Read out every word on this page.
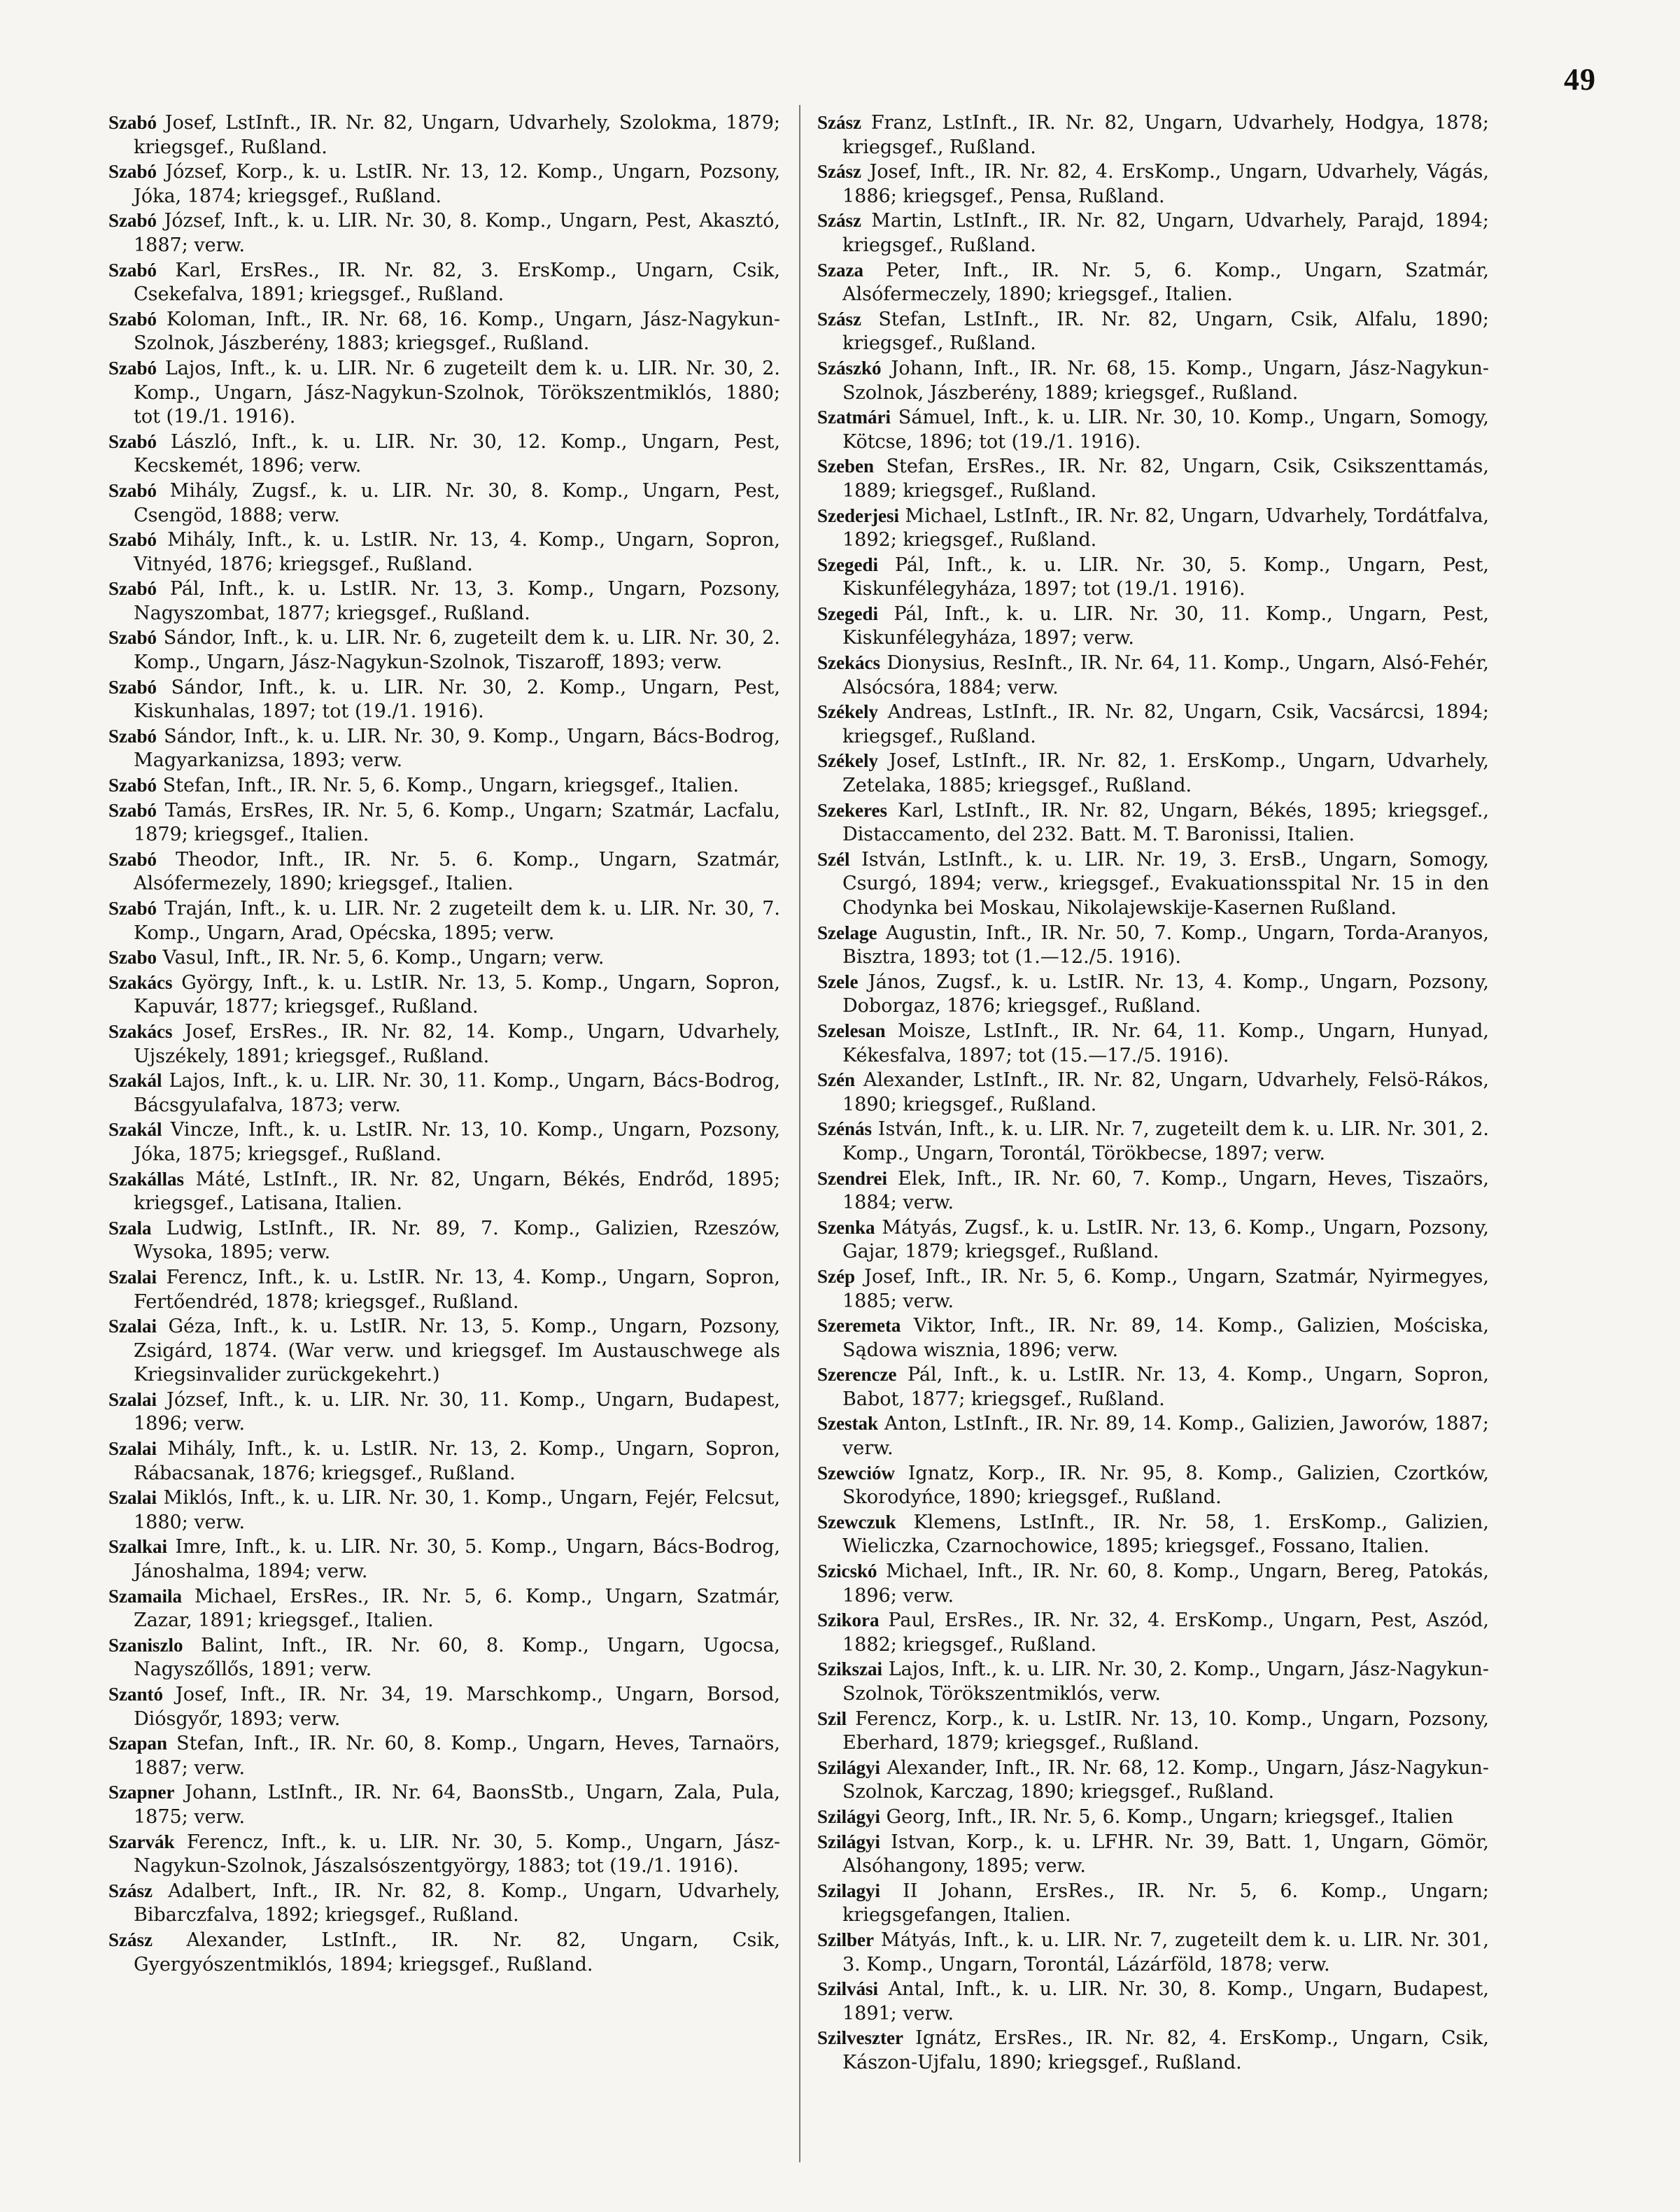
49

Szabó Josef, LstInft., IR. Nr. 82, Ungarn, Udvarhely, Szolokma, 1879; kriegsgef., Rußland.

Szabó József, Korp., k. u. LstIR. Nr. 13, 12. Komp., Ungarn, Pozsony, Jóka, 1874; kriegsgef., Rußland.

Szabó József, Inft., k. u. LIR. Nr. 30, 8. Komp., Ungarn, Pest, Akasztó, 1887; verw.

Szabó Karl, ErsRes., IR. Nr. 82, 3. ErsKomp., Ungarn, Csik, Csekefalva, 1891; kriegsgef., Rußland.

Szabó Koloman, Inft., IR. Nr. 68, 16. Komp., Ungarn, Jász-Nagykun-Szolnok, Jászberény, 1883; kriegsgef., Rußland.

Szabó Lajos, Inft., k. u. LIR. Nr. 6 zugeteilt dem k. u. LIR. Nr. 30, 2. Komp., Ungarn, Jász-Nagykun-Szolnok, Törökszentmiklós, 1880; tot (19./1. 1916).

Szabó László, Inft., k. u. LIR. Nr. 30, 12. Komp., Ungarn, Pest, Kecskemét, 1896; verw.

Szabó Mihály, Zugsf., k. u. LIR. Nr. 30, 8. Komp., Ungarn, Pest, Csengöd, 1888; verw.

Szabó Mihály, Inft., k. u. LstIR. Nr. 13, 4. Komp., Ungarn, Sopron, Vitnyéd, 1876; kriegsgef., Rußland.

Szabó Pál, Inft., k. u. LstIR. Nr. 13, 3. Komp., Ungarn, Pozsony, Nagyszombat, 1877; kriegsgef., Rußland.

Szabó Sándor, Inft., k. u. LIR. Nr. 6, zugeteilt dem k. u. LIR. Nr. 30, 2. Komp., Ungarn, Jász-Nagykun-Szolnok, Tiszaroff, 1893; verw.

Szabó Sándor, Inft., k. u. LIR. Nr. 30, 2. Komp., Ungarn, Pest, Kiskunhalas, 1897; tot (19./1. 1916).

Szabó Sándor, Inft., k. u. LIR. Nr. 30, 9. Komp., Ungarn, Bács-Bodrog, Magyarkanizsa, 1893; verw.

Szabó Stefan, Inft., IR. Nr. 5, 6. Komp., Ungarn, kriegsgef., Italien.

Szabó Tamás, ErsRes, IR. Nr. 5, 6. Komp., Ungarn; Szatmár, Lacfalu, 1879; kriegsgef., Italien.

Szabó Theodor, Inft., IR. Nr. 5. 6. Komp., Ungarn, Szatmár, Alsófermezely, 1890; kriegsgef., Italien.

Szabó Traján, Inft., k. u. LIR. Nr. 2 zugeteilt dem k. u. LIR. Nr. 30, 7. Komp., Ungarn, Arad, Opécska, 1895; verw.

Szabo Vasul, Inft., IR. Nr. 5, 6. Komp., Ungarn; verw.

Szakács György, Inft., k. u. LstIR. Nr. 13, 5. Komp., Ungarn, Sopron, Kapuvár, 1877; kriegsgef., Rußland.

Szakács Josef, ErsRes., IR. Nr. 82, 14. Komp., Ungarn, Udvarhely, Ujszékely, 1891; kriegsgef., Rußland.

Szakál Lajos, Inft., k. u. LIR. Nr. 30, 11. Komp., Ungarn, Bács-Bodrog, Bácsgyulafalva, 1873; verw.

Szakál Vincze, Inft., k. u. LstIR. Nr. 13, 10. Komp., Ungarn, Pozsony, Jóka, 1875; kriegsgef., Rußland.

Szakállas Máté, LstInft., IR. Nr. 82, Ungarn, Békés, Endrőd, 1895; kriegsgef., Latisana, Italien.

Szala Ludwig, LstInft., IR. Nr. 89, 7. Komp., Galizien, Rzeszów, Wysoka, 1895; verw.

Szalai Ferencz, Inft., k. u. LstIR. Nr. 13, 4. Komp., Ungarn, Sopron, Fertőendréd, 1878; kriegsgef., Rußland.

Szalai Géza, Inft., k. u. LstIR. Nr. 13, 5. Komp., Ungarn, Pozsony, Zsigárd, 1874. (War verw. und kriegsgef. Im Austauschwege als Kriegsinvalider zurückgekehrt.)

Szalai József, Inft., k. u. LIR. Nr. 30, 11. Komp., Ungarn, Budapest, 1896; verw.

Szalai Mihály, Inft., k. u. LstIR. Nr. 13, 2. Komp., Ungarn, Sopron, Rábacsanak, 1876; kriegsgef., Rußland.

Szalai Miklós, Inft., k. u. LIR. Nr. 30, 1. Komp., Ungarn, Fejér, Felcsut, 1880; verw.

Szalkai Imre, Inft., k. u. LIR. Nr. 30, 5. Komp., Ungarn, Bács-Bodrog, Jánoshalma, 1894; verw.

Szamaila Michael, ErsRes., IR. Nr. 5, 6. Komp., Ungarn, Szatmár, Zazar, 1891; kriegsgef., Italien.

Szaniszlo Balint, Inft., IR. Nr. 60, 8. Komp., Ungarn, Ugocsa, Nagyszőllős, 1891; verw.

Szantó Josef, Inft., IR. Nr. 34, 19. Marschkomp., Ungarn, Borsod, Diósgyőr, 1893; verw.

Szapan Stefan, Inft., IR. Nr. 60, 8. Komp., Ungarn, Heves, Tarnaörs, 1887; verw.

Szapner Johann, LstInft., IR. Nr. 64, BaonsStb., Ungarn, Zala, Pula, 1875; verw.

Szarvák Ferencz, Inft., k. u. LIR. Nr. 30, 5. Komp., Ungarn, Jász-Nagykun-Szolnok, Jászalsószentgyörgy, 1883; tot (19./1. 1916).

Szász Adalbert, Inft., IR. Nr. 82, 8. Komp., Ungarn, Udvarhely, Bibarczfalva, 1892; kriegsgef., Rußland.

Szász Alexander, LstInft., IR. Nr. 82, Ungarn, Csik, Gyergyószentmiklós, 1894; kriegsgef., Rußland.

Szász Franz, LstInft., IR. Nr. 82, Ungarn, Udvarhely, Hodgya, 1878; kriegsgef., Rußland.

Szász Josef, Inft., IR. Nr. 82, 4. ErsKomp., Ungarn, Udvarhely, Vágás, 1886; kriegsgef., Pensa, Rußland.

Szász Martin, LstInft., IR. Nr. 82, Ungarn, Udvarhely, Parajd, 1894; kriegsgef., Rußland.

Szaza Peter, Inft., IR. Nr. 5, 6. Komp., Ungarn, Szatmár, Alsófermeczely, 1890; kriegsgef., Italien.

Szász Stefan, LstInft., IR. Nr. 82, Ungarn, Csik, Alfalu, 1890; kriegsgef., Rußland.

Szászkó Johann, Inft., IR. Nr. 68, 15. Komp., Ungarn, Jász-Nagykun-Szolnok, Jászberény, 1889; kriegsgef., Rußland.

Szatmári Sámuel, Inft., k. u. LIR. Nr. 30, 10. Komp., Ungarn, Somogy, Kötcse, 1896; tot (19./1. 1916).

Szeben Stefan, ErsRes., IR. Nr. 82, Ungarn, Csik, Csikszenttamás, 1889; kriegsgef., Rußland.

Szederjesi Michael, LstInft., IR. Nr. 82, Ungarn, Udvarhely, Tordátfalva, 1892; kriegsgef., Rußland.

Szegedi Pál, Inft., k. u. LIR. Nr. 30, 5. Komp., Ungarn, Pest, Kiskunfélegyháza, 1897; tot (19./1. 1916).

Szegedi Pál, Inft., k. u. LIR. Nr. 30, 11. Komp., Ungarn, Pest, Kiskunfélegyháza, 1897; verw.

Szekács Dionysius, ResInft., IR. Nr. 64, 11. Komp., Ungarn, Alsó-Fehér, Alsócsóra, 1884; verw.

Székely Andreas, LstInft., IR. Nr. 82, Ungarn, Csik, Vacsárcsi, 1894; kriegsgef., Rußland.

Székely Josef, LstInft., IR. Nr. 82, 1. ErsKomp., Ungarn, Udvarhely, Zetelaka, 1885; kriegsgef., Rußland.

Szekeres Karl, LstInft., IR. Nr. 82, Ungarn, Békés, 1895; kriegsgef., Distaccamento, del 232. Batt. M. T. Baronissi, Italien.

Szél István, LstInft., k. u. LIR. Nr. 19, 3. ErsB., Ungarn, Somogy, Csurgó, 1894; verw., kriegsgef., Evakuationsspital Nr. 15 in den Chodynka bei Moskau, Nikolajewskije-Kasernen Rußland.

Szelage Augustin, Inft., IR. Nr. 50, 7. Komp., Ungarn, Torda-Aranyos, Bisztra, 1893; tot (1.—12./5. 1916).

Szele János, Zugsf., k. u. LstIR. Nr. 13, 4. Komp., Ungarn, Pozsony, Doborgaz, 1876; kriegsgef., Rußland.

Szelesan Moisze, LstInft., IR. Nr. 64, 11. Komp., Ungarn, Hunyad, Kékesfalva, 1897; tot (15.—17./5. 1916).

Szén Alexander, LstInft., IR. Nr. 82, Ungarn, Udvarhely, Felsö-Rákos, 1890; kriegsgef., Rußland.

Szénás István, Inft., k. u. LIR. Nr. 7, zugeteilt dem k. u. LIR. Nr. 301, 2. Komp., Ungarn, Torontál, Törökbecse, 1897; verw.

Szendrei Elek, Inft., IR. Nr. 60, 7. Komp., Ungarn, Heves, Tiszaörs, 1884; verw.

Szenka Mátyás, Zugsf., k. u. LstIR. Nr. 13, 6. Komp., Ungarn, Pozsony, Gajar, 1879; kriegsgef., Rußland.

Szép Josef, Inft., IR. Nr. 5, 6. Komp., Ungarn, Szatmár, Nyirmegyes, 1885; verw.

Szeremeta Viktor, Inft., IR. Nr. 89, 14. Komp., Galizien, Mościska, Sądowa wisznia, 1896; verw.

Szerencze Pál, Inft., k. u. LstIR. Nr. 13, 4. Komp., Ungarn, Sopron, Babot, 1877; kriegsgef., Rußland.

Szestak Anton, LstInft., IR. Nr. 89, 14. Komp., Galizien, Jaworów, 1887; verw.

Szewciów Ignatz, Korp., IR. Nr. 95, 8. Komp., Galizien, Czortków, Skorodyńce, 1890; kriegsgef., Rußland.

Szewczuk Klemens, LstInft., IR. Nr. 58, 1. ErsKomp., Galizien, Wieliczka, Czarnochowice, 1895; kriegsgef., Fossano, Italien.

Szicskó Michael, Inft., IR. Nr. 60, 8. Komp., Ungarn, Bereg, Patokás, 1896; verw.

Szikora Paul, ErsRes., IR. Nr. 32, 4. ErsKomp., Ungarn, Pest, Aszód, 1882; kriegsgef., Rußland.

Szikszai Lajos, Inft., k. u. LIR. Nr. 30, 2. Komp., Ungarn, Jász-Nagykun-Szolnok, Törökszentmiklós, verw.

Szil Ferencz, Korp., k. u. LstIR. Nr. 13, 10. Komp., Ungarn, Pozsony, Eberhard, 1879; kriegsgef., Rußland.

Szilágyi Alexander, Inft., IR. Nr. 68, 12. Komp., Ungarn, Jász-Nagykun-Szolnok, Karczag, 1890; kriegsgef., Rußland.

Szilágyi Georg, Inft., IR. Nr. 5, 6. Komp., Ungarn; kriegsgef., Italien

Szilágyi Istvan, Korp., k. u. LFHR. Nr. 39, Batt. 1, Ungarn, Gömör, Alsóhangony, 1895; verw.

Szilagyi II Johann, ErsRes., IR. Nr. 5, 6. Komp., Ungarn; kriegsgefangen, Italien.

Szilber Mátyás, Inft., k. u. LIR. Nr. 7, zugeteilt dem k. u. LIR. Nr. 301, 3. Komp., Ungarn, Torontál, Lázárföld, 1878; verw.

Szilvási Antal, Inft., k. u. LIR. Nr. 30, 8. Komp., Ungarn, Budapest, 1891; verw.

Szilveszter Ignátz, ErsRes., IR. Nr. 82, 4. ErsKomp., Ungarn, Csik, Kászon-Ujfalu, 1890; kriegsgef., Rußland.
